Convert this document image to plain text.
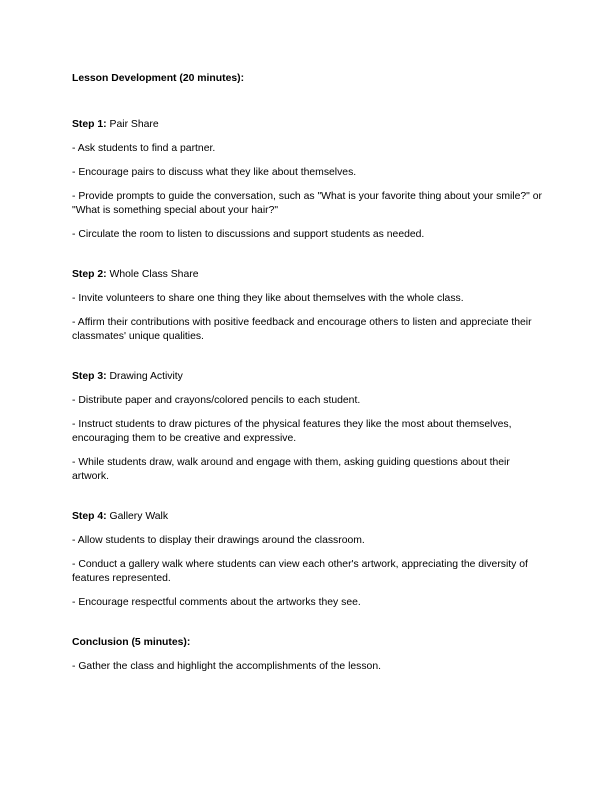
Lesson Development (20 minutes):
Step 1: Pair Share

- Ask students to find a partner.

- Encourage pairs to discuss what they like about themselves.

- Provide prompts to guide the conversation, such as "What is your favorite thing about your smile?" or "What is something special about your hair?"

- Circulate the room to listen to discussions and support students as needed.

Step 2: Whole Class Share

- Invite volunteers to share one thing they like about themselves with the whole class.

- Affirm their contributions with positive feedback and encourage others to listen and appreciate their classmates' unique qualities.

Step 3: Drawing Activity

- Distribute paper and crayons/colored pencils to each student.

- Instruct students to draw pictures of the physical features they like the most about themselves, encouraging them to be creative and expressive.

- While students draw, walk around and engage with them, asking guiding questions about their artwork.

Step 4: Gallery Walk

- Allow students to display their drawings around the classroom.

- Conduct a gallery walk where students can view each other's artwork, appreciating the diversity of features represented.

- Encourage respectful comments about the artworks they see.

Conclusion (5 minutes):

- Gather the class and highlight the accomplishments of the lesson.
